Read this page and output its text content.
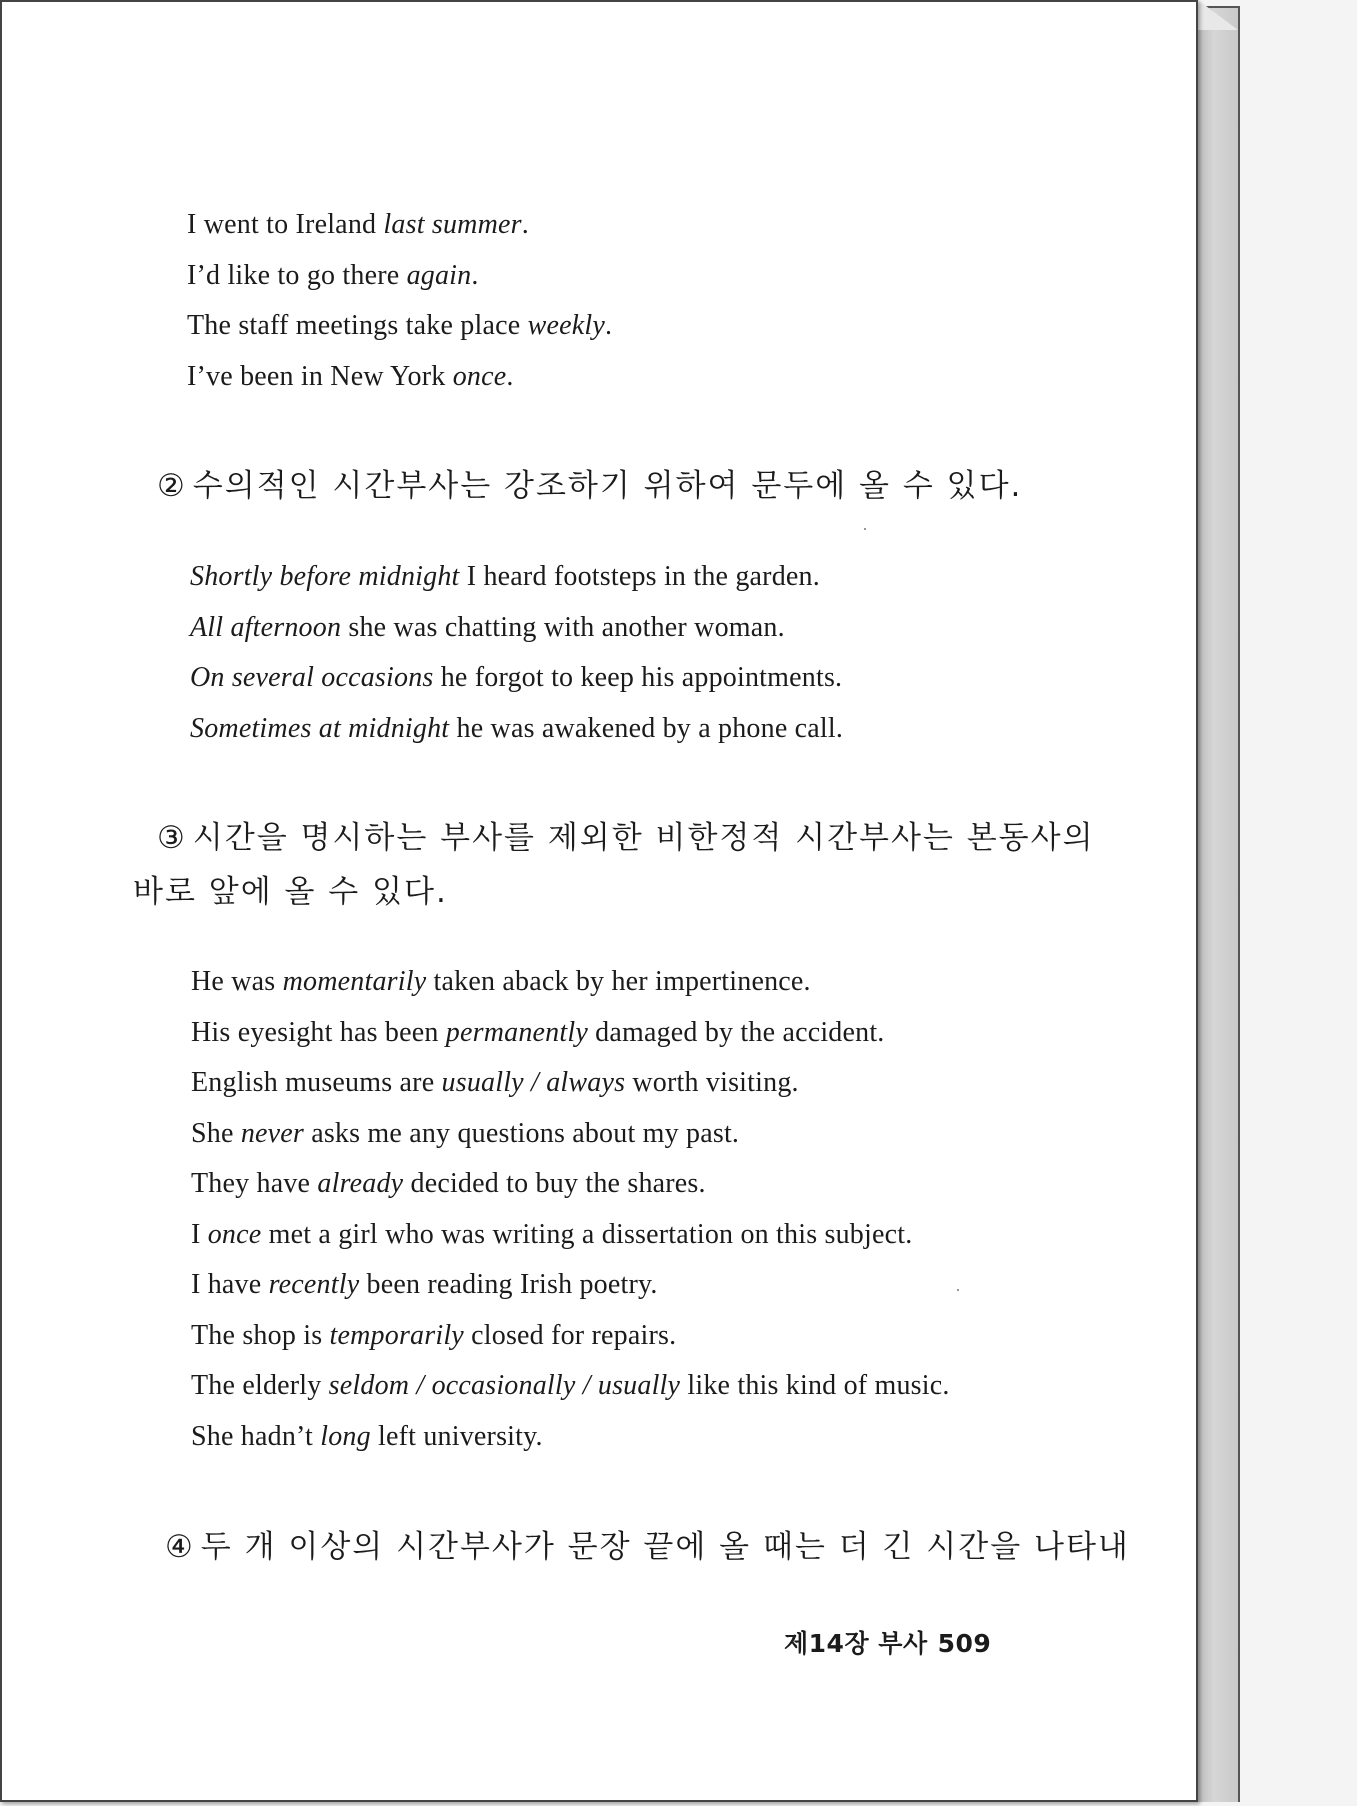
I went to Ireland last summer.
I’d like to go there again.
The staff meetings take place weekly.
I’ve been in New York once.
② 수의적인 시간부사는 강조하기 위하여 문두에 올 수 있다.
Shortly before midnight I heard footsteps in the garden.
All afternoon she was chatting with another woman.
On several occasions he forgot to keep his appointments.
Sometimes at midnight he was awakened by a phone call.
③ 시간을 명시하는 부사를 제외한 비한정적 시간부사는 본동사의
바로 앞에 올 수 있다.
He was momentarily taken aback by her impertinence.
His eyesight has been permanently damaged by the accident.
English museums are usually / always worth visiting.
She never asks me any questions about my past.
They have already decided to buy the shares.
I once met a girl who was writing a dissertation on this subject.
I have recently been reading Irish poetry.
The shop is temporarily closed for repairs.
The elderly seldom / occasionally / usually like this kind of music.
She hadn’t long left university.
④ 두 개 이상의 시간부사가 문장 끝에 올 때는 더 긴 시간을 나타내
제14장 부사 509
